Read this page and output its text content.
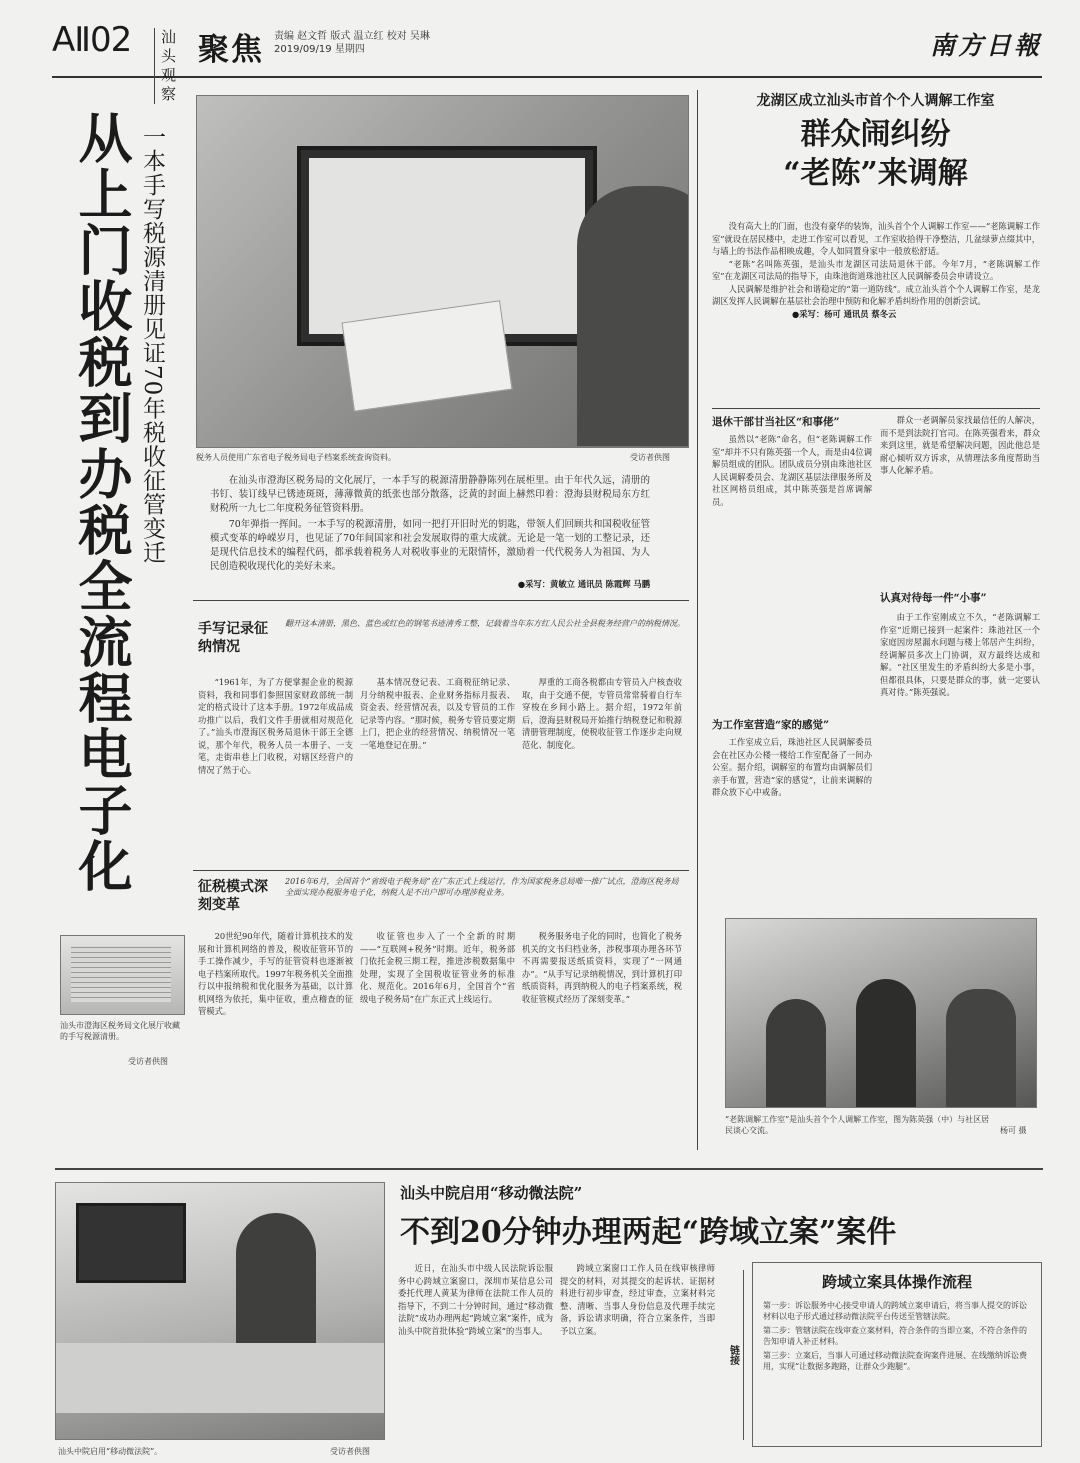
AⅡ02	汕头观察
聚焦 责编 赵文哲 版式 温立红 校对 吴琳
2019/09/19 星期四	南方日報
从上门收税到办税全流程电子化 一本手写税源清册见证70年税收征管变迁	税务人员使用广东省电子税务局电子档案系统查询资料。	受访者供图

在汕头市澄海区税务局的文化展厅，一本手写的税源清册静静陈列在展柜里。由于年代久远，清册的书钉、装订线早已锈迹斑斑，薄薄微黄的纸张也部分散落，泛黄的封面上赫然印着：澄海县财税局东方红财税所一九七二年度税务征管资料册。

70年弹指一挥间。一本手写的税源清册，如同一把打开旧时光的钥匙，带领人们回顾共和国税收征管模式变革的峥嵘岁月，也见证了70年间国家和社会发展取得的重大成就。无论是一笔一划的工整记录，还是现代信息技术的编程代码，都承载着税务人对税收事业的无限情怀，激励着一代代税务人为祖国、为人民创造税收现代化的美好未来。

●采写：黄敏立 通讯员 陈霞辉 马鹏

手写记录征纳情况
翻开这本清册，黑色、蓝色或红色的钢笔书迹清秀工整，记载着当年东方红人民公社全县税务经营户的纳税情况。
“1961年，为了方便掌握企业的税源资料，我和同事们参照国家财政部统一制定的格式设计了这本手册。1972年成品成功推广以后，我们文件手册就相对规范化了。”汕头市澄海区税务局退休干部王全德说，那个年代，税务人员一本册子、一支笔，走街串巷上门收税，对辖区经营户的情况了然于心。
基本情况登记表、工商税征纳记录、月分纳税申报表、企业财务指标月报表、资金表、经营情况表，以及专管员的工作记录等内容。“那时候，税务专管员要定期上门，把企业的经营情况、纳税情况一笔一笔地登记在册。”
厚重的工商各税都由专管员入户核查收取，由于交通不便，专管员常常骑着自行车穿梭在乡间小路上。据介绍，1972年前后，澄海县财税局开始推行纳税登记和税源清册管理制度，使税收征管工作逐步走向规范化、制度化。
征税模式深刻变革
2016年6月，全国首个“省级电子税务局”在广东正式上线运行，作为国家税务总局唯一推广试点，澄海区税务局全面实现办税服务电子化，纳税人足不出户即可办理涉税业务。
汕头市澄海区税务局文化展厅收藏的手写税源清册。
受访者供图
20世纪90年代，随着计算机技术的发展和计算机网络的普及，税收征管环节的手工操作减少，手写的征管资料也逐渐被电子档案所取代。1997年税务机关全面推行以申报纳税和优化服务为基础，以计算机网络为依托，集中征收，重点稽查的征管模式。
收征管也步入了一个全新的时期——“互联网+税务”时期。近年，税务部门依托金税三期工程，推进涉税数据集中处理，实现了全国税收征管业务的标准化、规范化。2016年6月，全国首个“省级电子税务局”在广东正式上线运行。
税务服务电子化的同时，也简化了税务机关的文书归档业务，涉税事项办理各环节不再需要报送纸质资料，实现了“一网通办”。“从手写记录纳税情况，到计算机打印纸质资料，再到纳税人的电子档案系统，税收征管模式经历了深刻变革。”
龙湖区成立汕头市首个个人调解工作室
群众闹纠纷
“老陈”来调解

没有高大上的门面，也没有豪华的装饰，汕头首个个人调解工作室——“老陈调解工作室”就设在居民楼中，走进工作室可以看见，工作室收拾得干净整洁，几盆绿萝点缀其中，与墙上的书法作品相映成趣，令人如同置身家中一般放松舒适。

“老陈”名叫陈英强，是汕头市龙湖区司法局退休干部。今年7月，“老陈调解工作室”在龙湖区司法局的指导下，由珠池街道珠池社区人民调解委员会申请设立。

人民调解是维护社会和谐稳定的“第一道防线”。成立汕头首个个人调解工作室，是龙湖区发挥人民调解在基层社会治理中预防和化解矛盾纠纷作用的创新尝试。

●采写：杨可 通讯员 蔡冬云

退休干部甘当社区“和事佬”

虽然以“老陈”命名，但“老陈调解工作室”却并不只有陈英强一个人，而是由4位调解员组成的团队。团队成员分别由珠池社区人民调解委员会、龙湖区基层法律服务所及社区网格员组成，其中陈英强是首席调解员。

为工作室营造“家的感觉”

工作室成立后，珠池社区人民调解委员会在社区办公楼一楼给工作室配备了一间办公室。据介绍，调解室的布置均由调解员们亲手布置，营造“家的感觉”，让前来调解的群众放下心中戒备。

群众一老调解员家找最信任的人解决，而不是到法院打官司。在陈英强看来，群众来到这里，就是希望解决问题，因此他总是耐心倾听双方诉求，从情理法多角度帮助当事人化解矛盾。

认真对待每一件“小事”

由于工作室刚成立不久，“老陈调解工作室”近期已接到一起案件：珠池社区一个家庭因房屋漏水问题与楼上邻居产生纠纷，经调解员多次上门协调，双方最终达成和解。“社区里发生的矛盾纠纷大多是小事，但都很具体，只要是群众的事，就一定要认真对待。”陈英强说。

“老陈调解工作室”是汕头首个个人调解工作室，图为陈英强（中）与社区居民谈心交流。	杨可 摄
汕头中院启用“移动微法院”
不到20分钟办理两起“跨域立案”案件
汕头中院启用“移动微法院”。	受访者供图
近日，在汕头市中级人民法院诉讼服务中心跨域立案窗口，深圳市某信息公司委托代理人黄某为律师在法院工作人员的指导下，不到二十分钟时间，通过“移动微法院”成功办理两起“跨域立案”案件，成为汕头中院首批体验“跨域立案”的当事人。
跨域立案窗口工作人员在线审核律师提交的材料，对其提交的起诉状、证据材料进行初步审查，经过审查，立案材料完整、清晰、当事人身份信息及代理手续完备，诉讼请求明确，符合立案条件，当即予以立案。
链接
跨域立案具体操作流程

第一步：诉讼服务中心接受申请人的跨域立案申请后，将当事人提交的诉讼材料以电子形式通过移动微法院平台传送至管辖法院。

第二步：管辖法院在线审查立案材料，符合条件的当即立案，不符合条件的告知申请人补正材料。

第三步：立案后，当事人可通过移动微法院查询案件进展、在线缴纳诉讼费用，实现“让数据多跑路，让群众少跑腿”。
